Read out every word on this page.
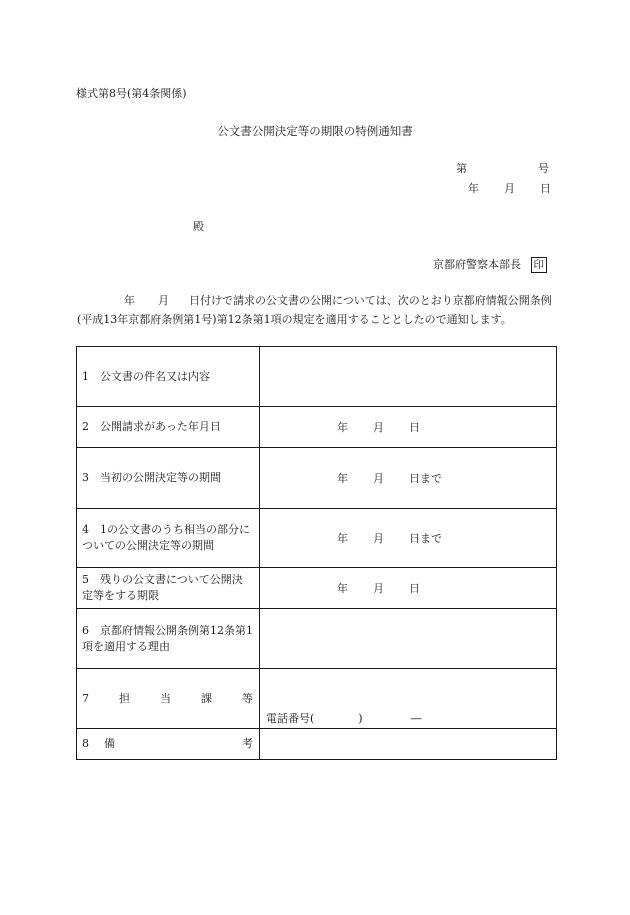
様式第8号(第4条関係)
公文書公開決定等の期限の特例通知書
第	号
年 月 日
殿
京都府警察本部長 印
年 月 日付けで請求の公文書の公開については、次のとおり京都府情報公開条例(平成13年京都府条例第1号)第12条第1項の規定を適用することとしたので通知します。
1　公文書の件名又は内容	
2　公開請求があった年月日	年 月 日

3　当初の公開決定等の期間	年 月 日まで

4　1の公文書のうち相当の部分についての公開決定等の期間	年 月 日まで

5　残りの公文書について公開決定等をする期限	年 月 日

6　京都府情報公開条例第12条第1項を適用する理由	

7 担 当 課 等	電話番号( ) ―

8 備 考	
